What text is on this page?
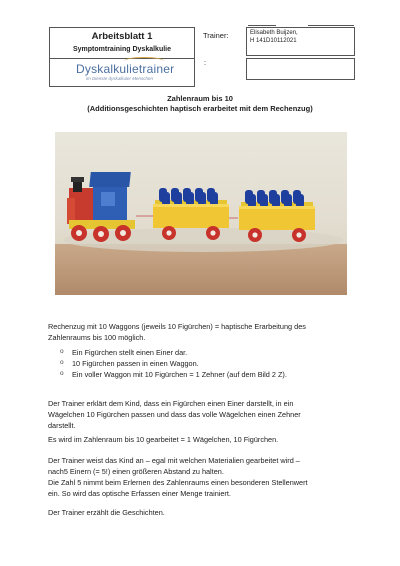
Arbeitsblatt 1
Symptomtraining Dyskalkulie
Dyskalkulietrainer
im Dienste dyskalkuler Menschen
Trainer:
:
Elisabeth Buijzen,
H 141D10112021
Zahlenraum bis 10
(Additionsgeschichten haptisch erarbeitet mit dem Rechenzug)
Rechenzug mit 10 Waggons (jeweils 10 Figürchen) = haptische Erarbeitung des
Zahlenraums bis 100 möglich.
o Ein Figürchen stellt einen Einer dar.
o 10 Figürchen passen in einen Waggon.
o Ein voller Waggon mit 10 Figürchen = 1 Zehner (auf dem Bild 2 Z).
Der Trainer erklärt dem Kind, dass ein Figürchen einen Einer darstellt, in ein
Wägelchen 10 Figürchen passen und dass das volle Wägelchen einen Zehner
darstellt.
Es wird im Zahlenraum bis 10 gearbeitet = 1 Wägelchen, 10 Figürchen.
Der Trainer weist das Kind an – egal mit welchen Materialien gearbeitet wird –
nach5 Einern (= 5!) einen größeren Abstand zu halten.
Die Zahl 5 nimmt beim Erlernen des Zahlenraums einen besonderen Stellenwert
ein. So wird das optische Erfassen einer Menge trainiert.
Der Trainer erzählt die Geschichten.
